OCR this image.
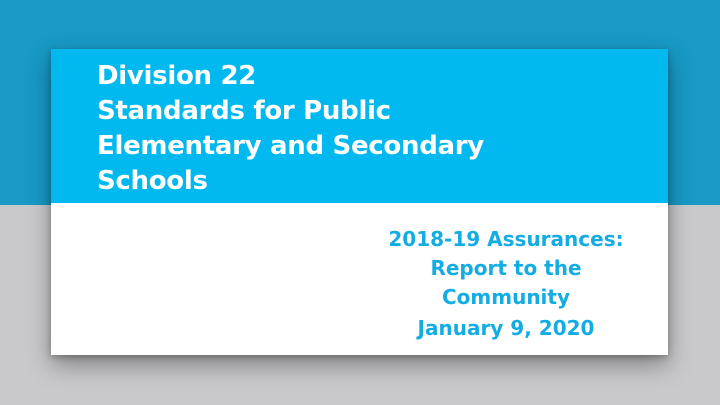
Division 22
Standards for Public
Elementary and Secondary
Schools

2018-19 Assurances:
Report to the
Community

January 9, 2020
